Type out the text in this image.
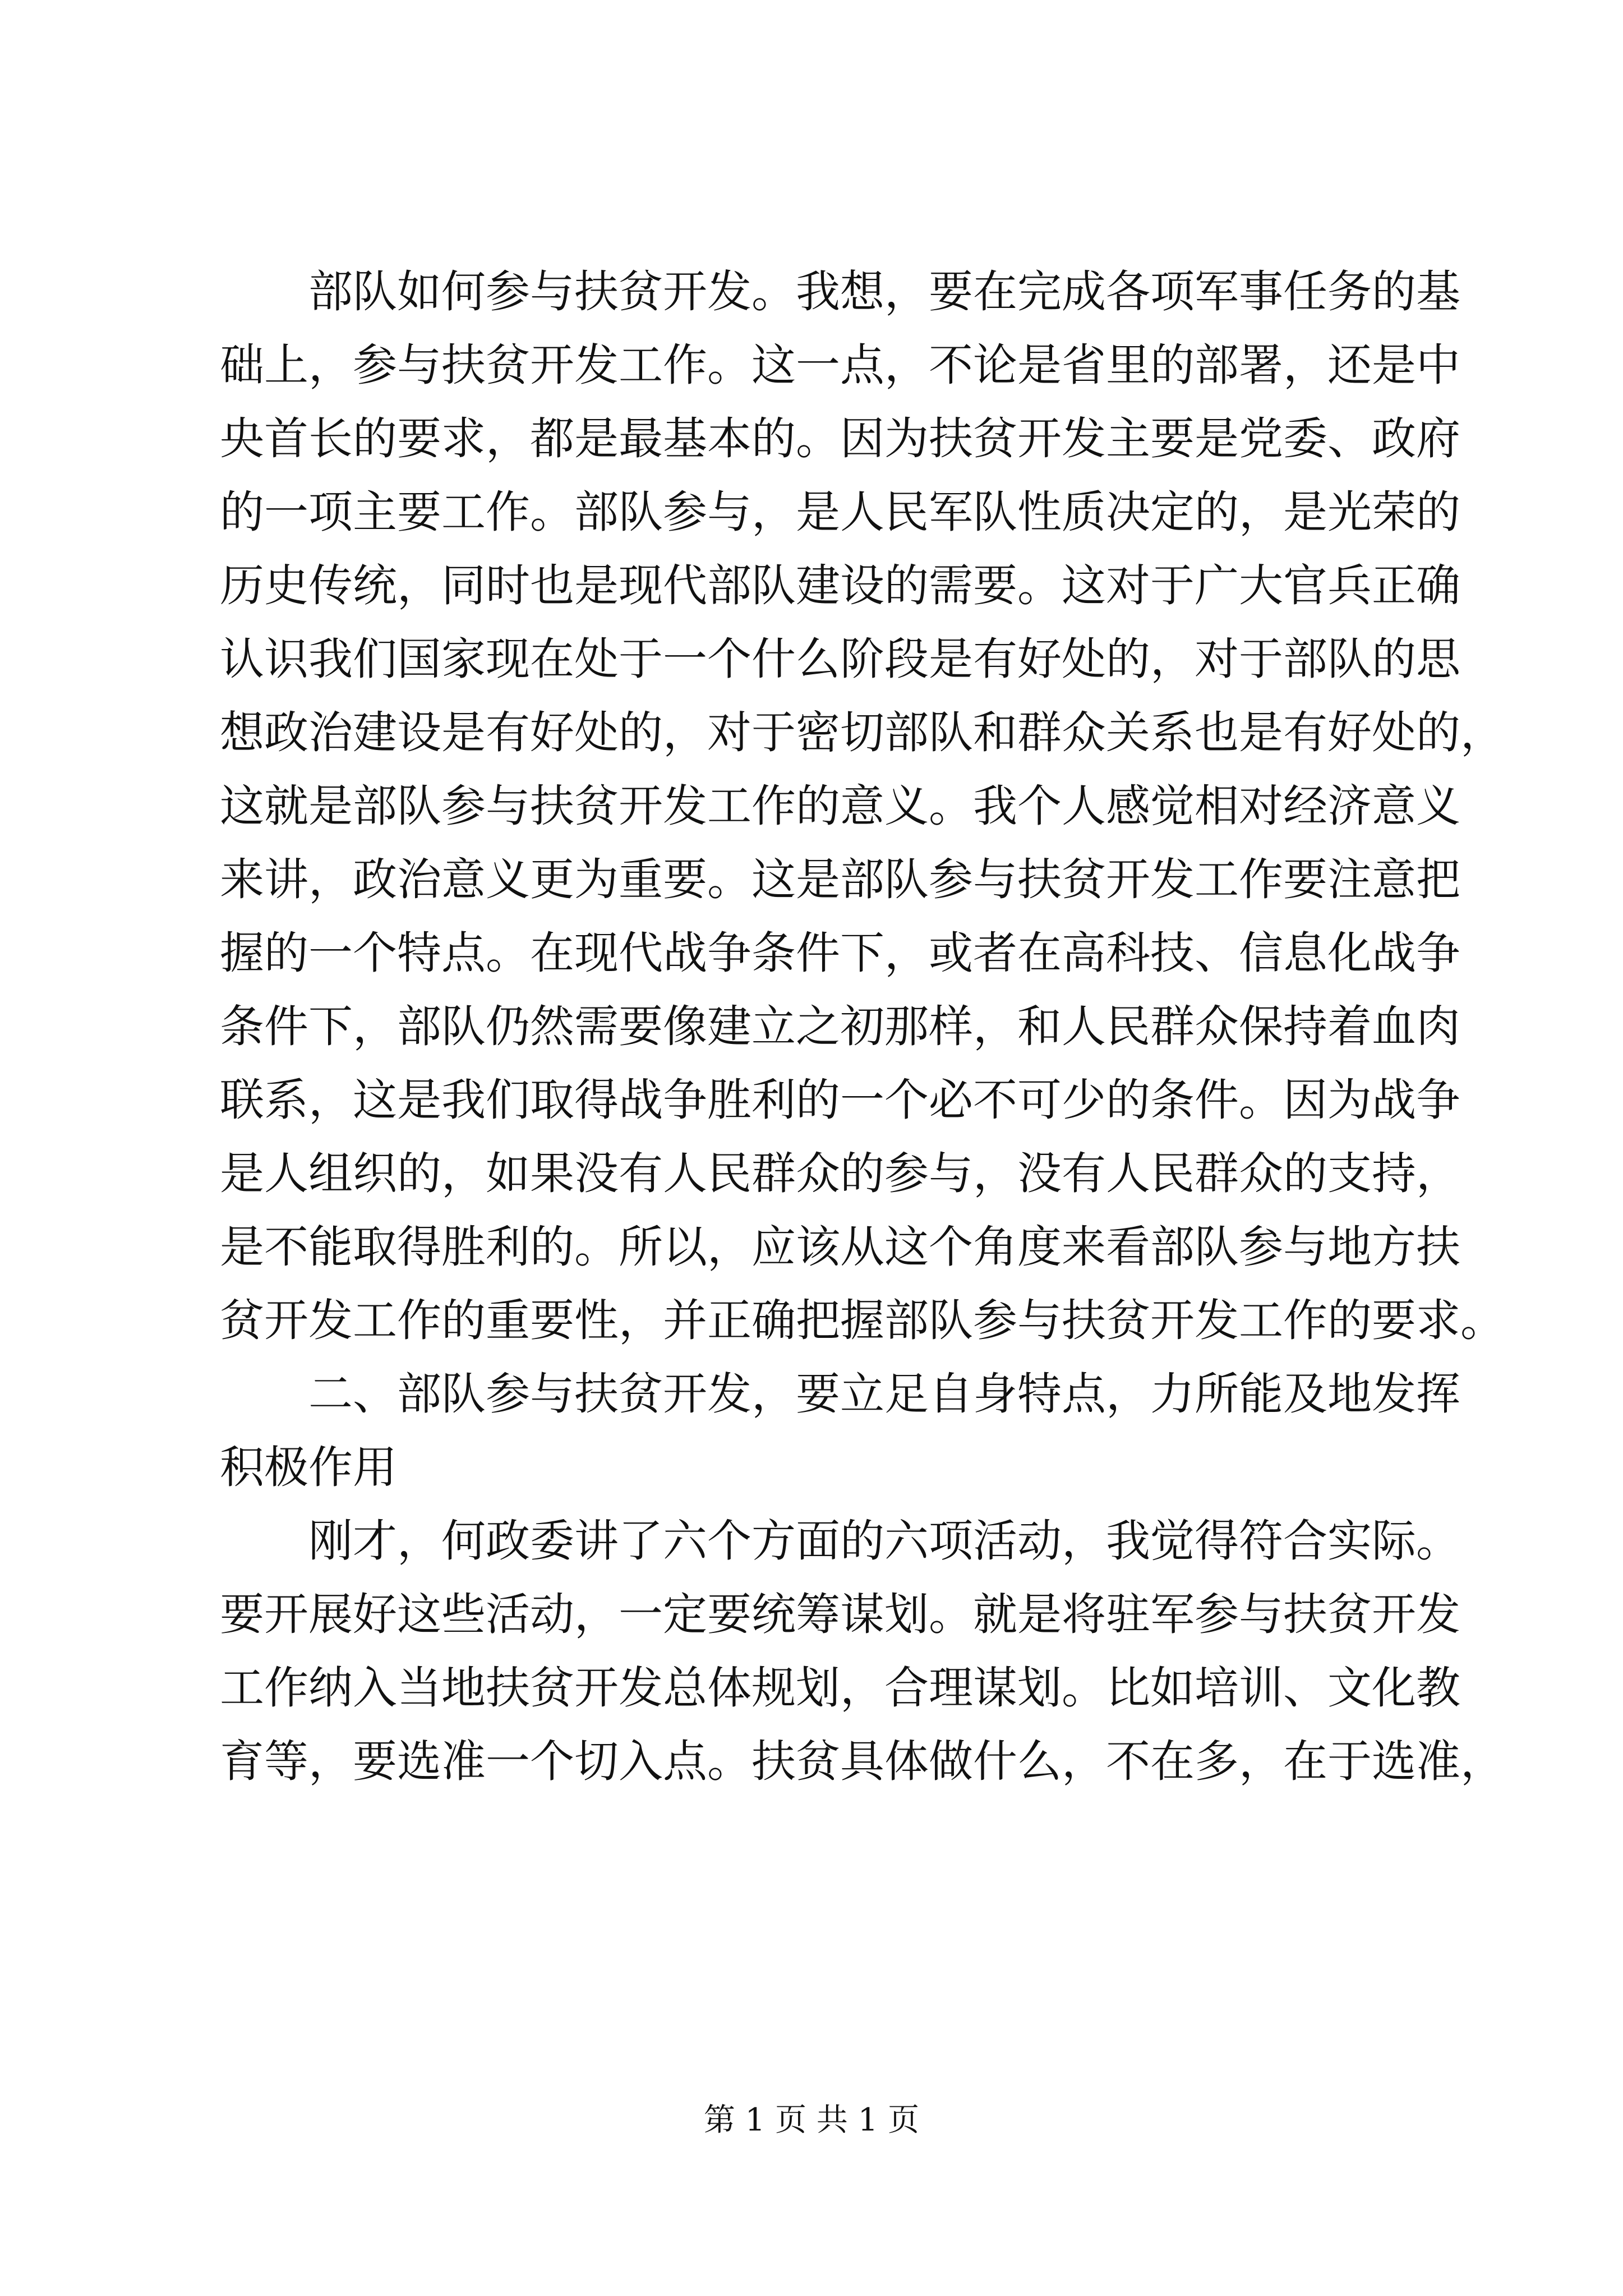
部队如何参与扶贫开发。我想，要在完成各项军事任务的基
础上，参与扶贫开发工作。这一点，不论是省里的部署，还是中
央首长的要求，都是最基本的。因为扶贫开发主要是党委、政府
的一项主要工作。部队参与，是人民军队性质决定的，是光荣的
历史传统，同时也是现代部队建设的需要。这对于广大官兵正确
认识我们国家现在处于一个什么阶段是有好处的，对于部队的思
想政治建设是有好处的，对于密切部队和群众关系也是有好处的，
这就是部队参与扶贫开发工作的意义。我个人感觉相对经济意义
来讲，政治意义更为重要。这是部队参与扶贫开发工作要注意把
握的一个特点。在现代战争条件下，或者在高科技、信息化战争
条件下，部队仍然需要像建立之初那样，和人民群众保持着血肉
联系，这是我们取得战争胜利的一个必不可少的条件。因为战争
是人组织的，如果没有人民群众的参与，没有人民群众的支持，
是不能取得胜利的。所以，应该从这个角度来看部队参与地方扶
贫开发工作的重要性，并正确把握部队参与扶贫开发工作的要求。
二、部队参与扶贫开发，要立足自身特点，力所能及地发挥
积极作用
刚才，何政委讲了六个方面的六项活动，我觉得符合实际。
要开展好这些活动，一定要统筹谋划。就是将驻军参与扶贫开发
工作纳入当地扶贫开发总体规划，合理谋划。比如培训、文化教
育等，要选准一个切入点。扶贫具体做什么，不在多，在于选准，
第 1 页 共 1 页
